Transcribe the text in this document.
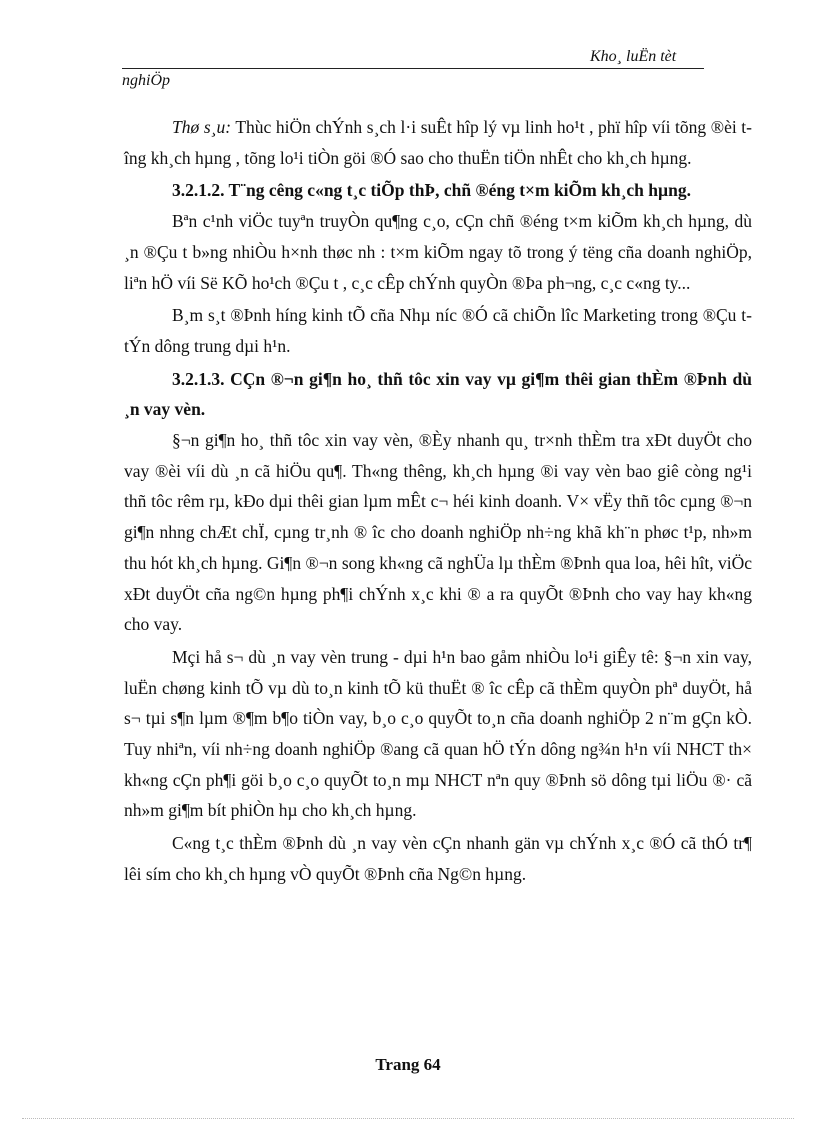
Kho¸ luËn tèt
nghiÖp

Thø s¸u: Thùc hiÖn chÝnh s¸ch l·i suÊt hîp lý vµ linh ho¹t , phï hîp víi tõng ®èi tîng kh¸ch hµng , tõng lo¹i tiÒn göi ®Ó sao cho thuËn tiÖn nhÊt cho kh¸ch hµng.

3.2.1.2. T¨ng cêng c«ng t¸c tiÕp thÞ, chñ ®éng t×m kiÕm kh¸ch hµng.

Bªn c¹nh viÖc tuyªn truyÒn qu¶ng c¸o, cÇn chñ ®éng t×m kiÕm kh¸ch hµng, dù ¸n ®Çu t b»ng nhiÒu h×nh thøc nh : t×m kiÕm ngay tõ trong ý tëng cña doanh nghiÖp, liªn hÖ víi Së KÕ ho¹ch ®Çu t , c¸c cÊp chÝnh quyÒn ®Þa ph¬ng, c¸c c«ng ty...

B¸m s¸t ®Þnh híng kinh tÕ cña Nhµ níc ®Ó cã chiÕn lîc Marketing trong ®Çu t tÝn dông trung dµi h¹n.

3.2.1.3. CÇn ®¬n gi¶n ho¸ thñ tôc xin vay vµ gi¶m thêi gian thÈm ®Þnh dù ¸n vay vèn.

§¬n gi¶n ho¸ thñ tôc xin vay vèn, ®Èy nhanh qu¸ tr×nh thÈm tra xÐt duyÖt cho vay ®èi víi dù ¸n cã hiÖu qu¶. Th«ng thêng, kh¸ch hµng ®i vay vèn bao giê còng ng¹i thñ tôc rêm rµ, kÐo dµi thêi gian lµm mÊt c¬ héi kinh doanh. V× vËy thñ tôc cµng ®¬n gi¶n nhng chÆt chÏ, cµng tr¸nh ® îc cho doanh nghiÖp nh÷ng khã kh¨n phøc t¹p, nh»m thu hót kh¸ch hµng. Gi¶n ®¬n song kh«ng cã nghÜa lµ thÈm ®Þnh qua loa, hêi hît, viÖc xÐt duyÖt cña ng©n hµng ph¶i chÝnh x¸c khi ® a ra quyÕt ®Þnh cho vay hay kh«ng cho vay.

Mçi hå s¬ dù ¸n vay vèn trung - dµi h¹n bao gåm nhiÒu lo¹i giÊy tê: §¬n xin vay, luËn chøng kinh tÕ vµ dù to¸n kinh tÕ kü thuËt ® îc cÊp cã thÈm quyÒn phª duyÖt, hå s¬ tµi s¶n lµm ®¶m b¶o tiÒn vay, b¸o c¸o quyÕt to¸n cña doanh nghiÖp 2 n¨m gÇn kÒ. Tuy nhiªn, víi nh÷ng doanh nghiÖp ®ang cã quan hÖ tÝn dông ng¾n h¹n víi NHCT th× kh«ng cÇn ph¶i göi b¸o c¸o quyÕt to¸n mµ NHCT nªn quy ®Þnh sö dông tµi liÖu ®· cã nh»m gi¶m bít phiÒn hµ cho kh¸ch hµng.

C«ng t¸c thÈm ®Þnh dù ¸n vay vèn cÇn nhanh gän vµ chÝnh x¸c ®Ó cã thÓ tr¶ lêi sím cho kh¸ch hµng vÒ quyÕt ®Þnh cña Ng©n hµng.

Trang 64
